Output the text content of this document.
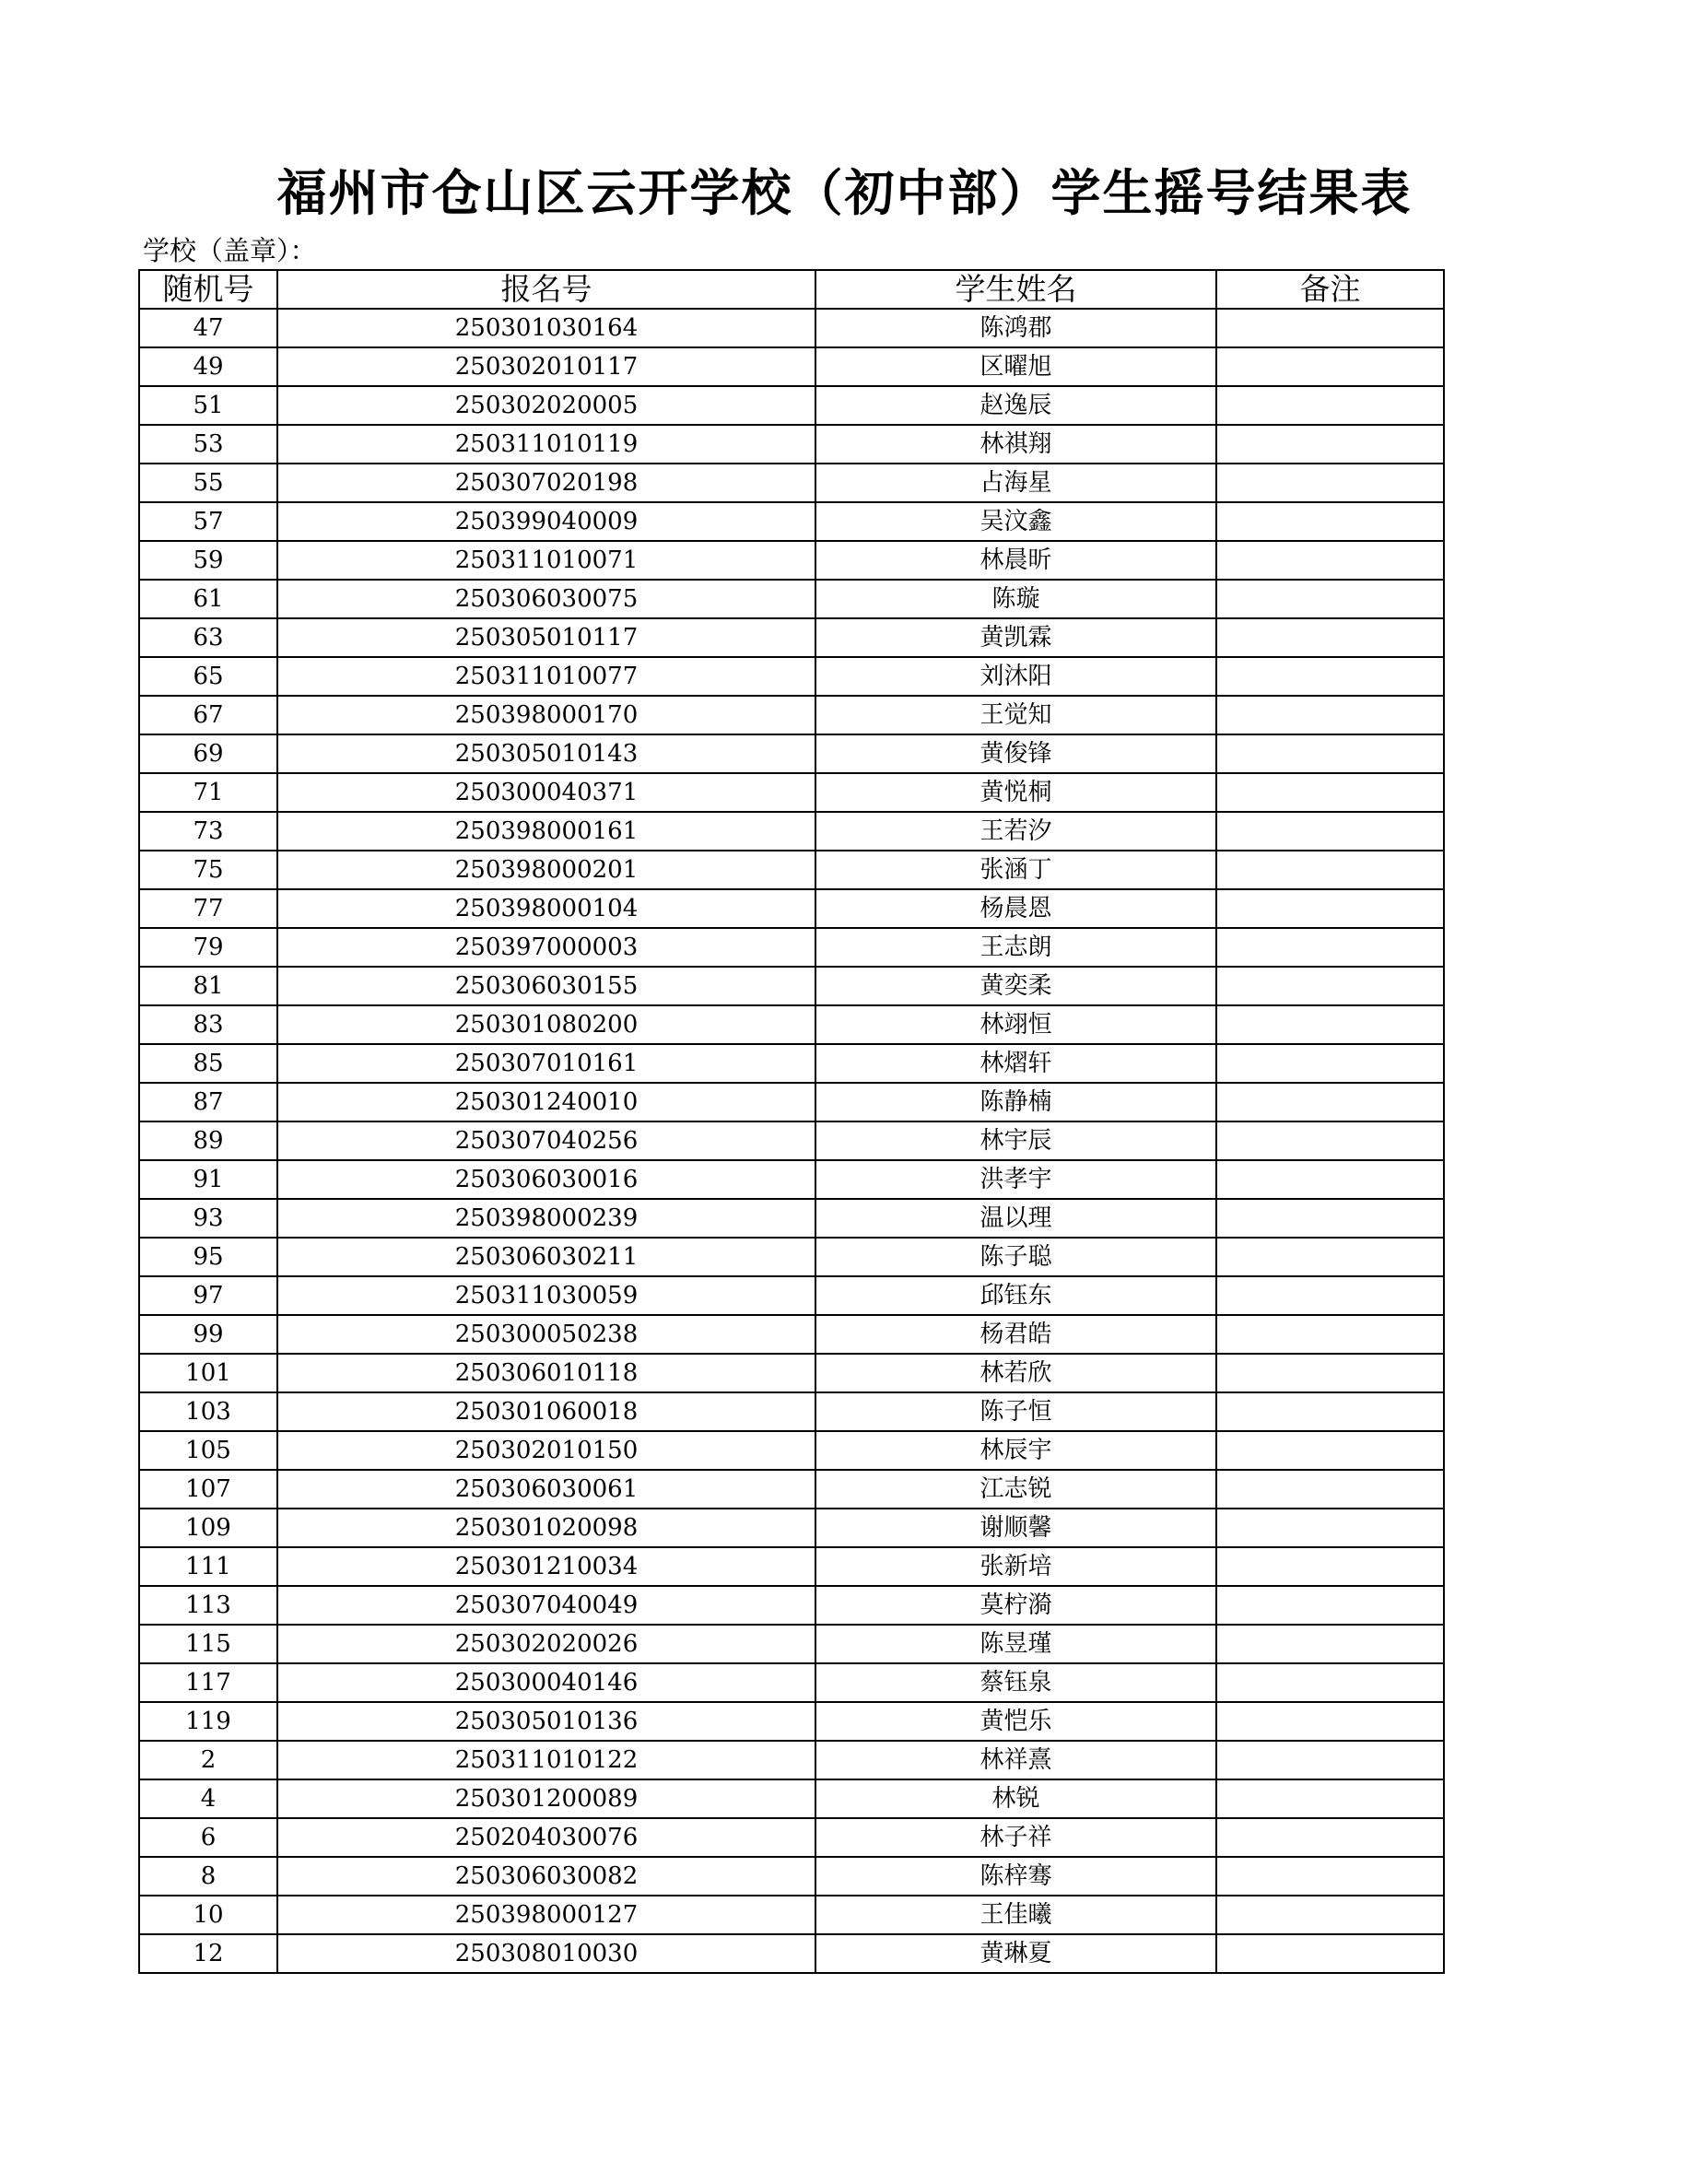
福州市仓山区云开学校（初中部）学生摇号结果表
学校（盖章）：
随机号	报名号	学生姓名	备注
47	250301030164	陈鸿郡	
49	250302010117	区曜旭	
51	250302020005	赵逸辰	
53	250311010119	林祺翔	
55	250307020198	占海星	
57	250399040009	吴汶鑫	
59	250311010071	林晨昕	
61	250306030075	陈璇	
63	250305010117	黄凯霖	
65	250311010077	刘沐阳	
67	250398000170	王觉知	
69	250305010143	黄俊锋	
71	250300040371	黄悦桐	
73	250398000161	王若汐	
75	250398000201	张涵丁	
77	250398000104	杨晨恩	
79	250397000003	王志朗	
81	250306030155	黄奕柔	
83	250301080200	林翊恒	
85	250307010161	林熠轩	
87	250301240010	陈静楠	
89	250307040256	林宇辰	
91	250306030016	洪孝宇	
93	250398000239	温以理	
95	250306030211	陈子聪	
97	250311030059	邱钰东	
99	250300050238	杨君皓	
101	250306010118	林若欣	
103	250301060018	陈子恒	
105	250302010150	林辰宇	
107	250306030061	江志锐	
109	250301020098	谢顺馨	
111	250301210034	张新培	
113	250307040049	莫柠漪	
115	250302020026	陈昱瑾	
117	250300040146	蔡钰泉	
119	250305010136	黄恺乐	
2	250311010122	林祥熹	
4	250301200089	林锐	
6	250204030076	林子祥	
8	250306030082	陈梓骞	
10	250398000127	王佳曦	
12	250308010030	黄琳夏	
